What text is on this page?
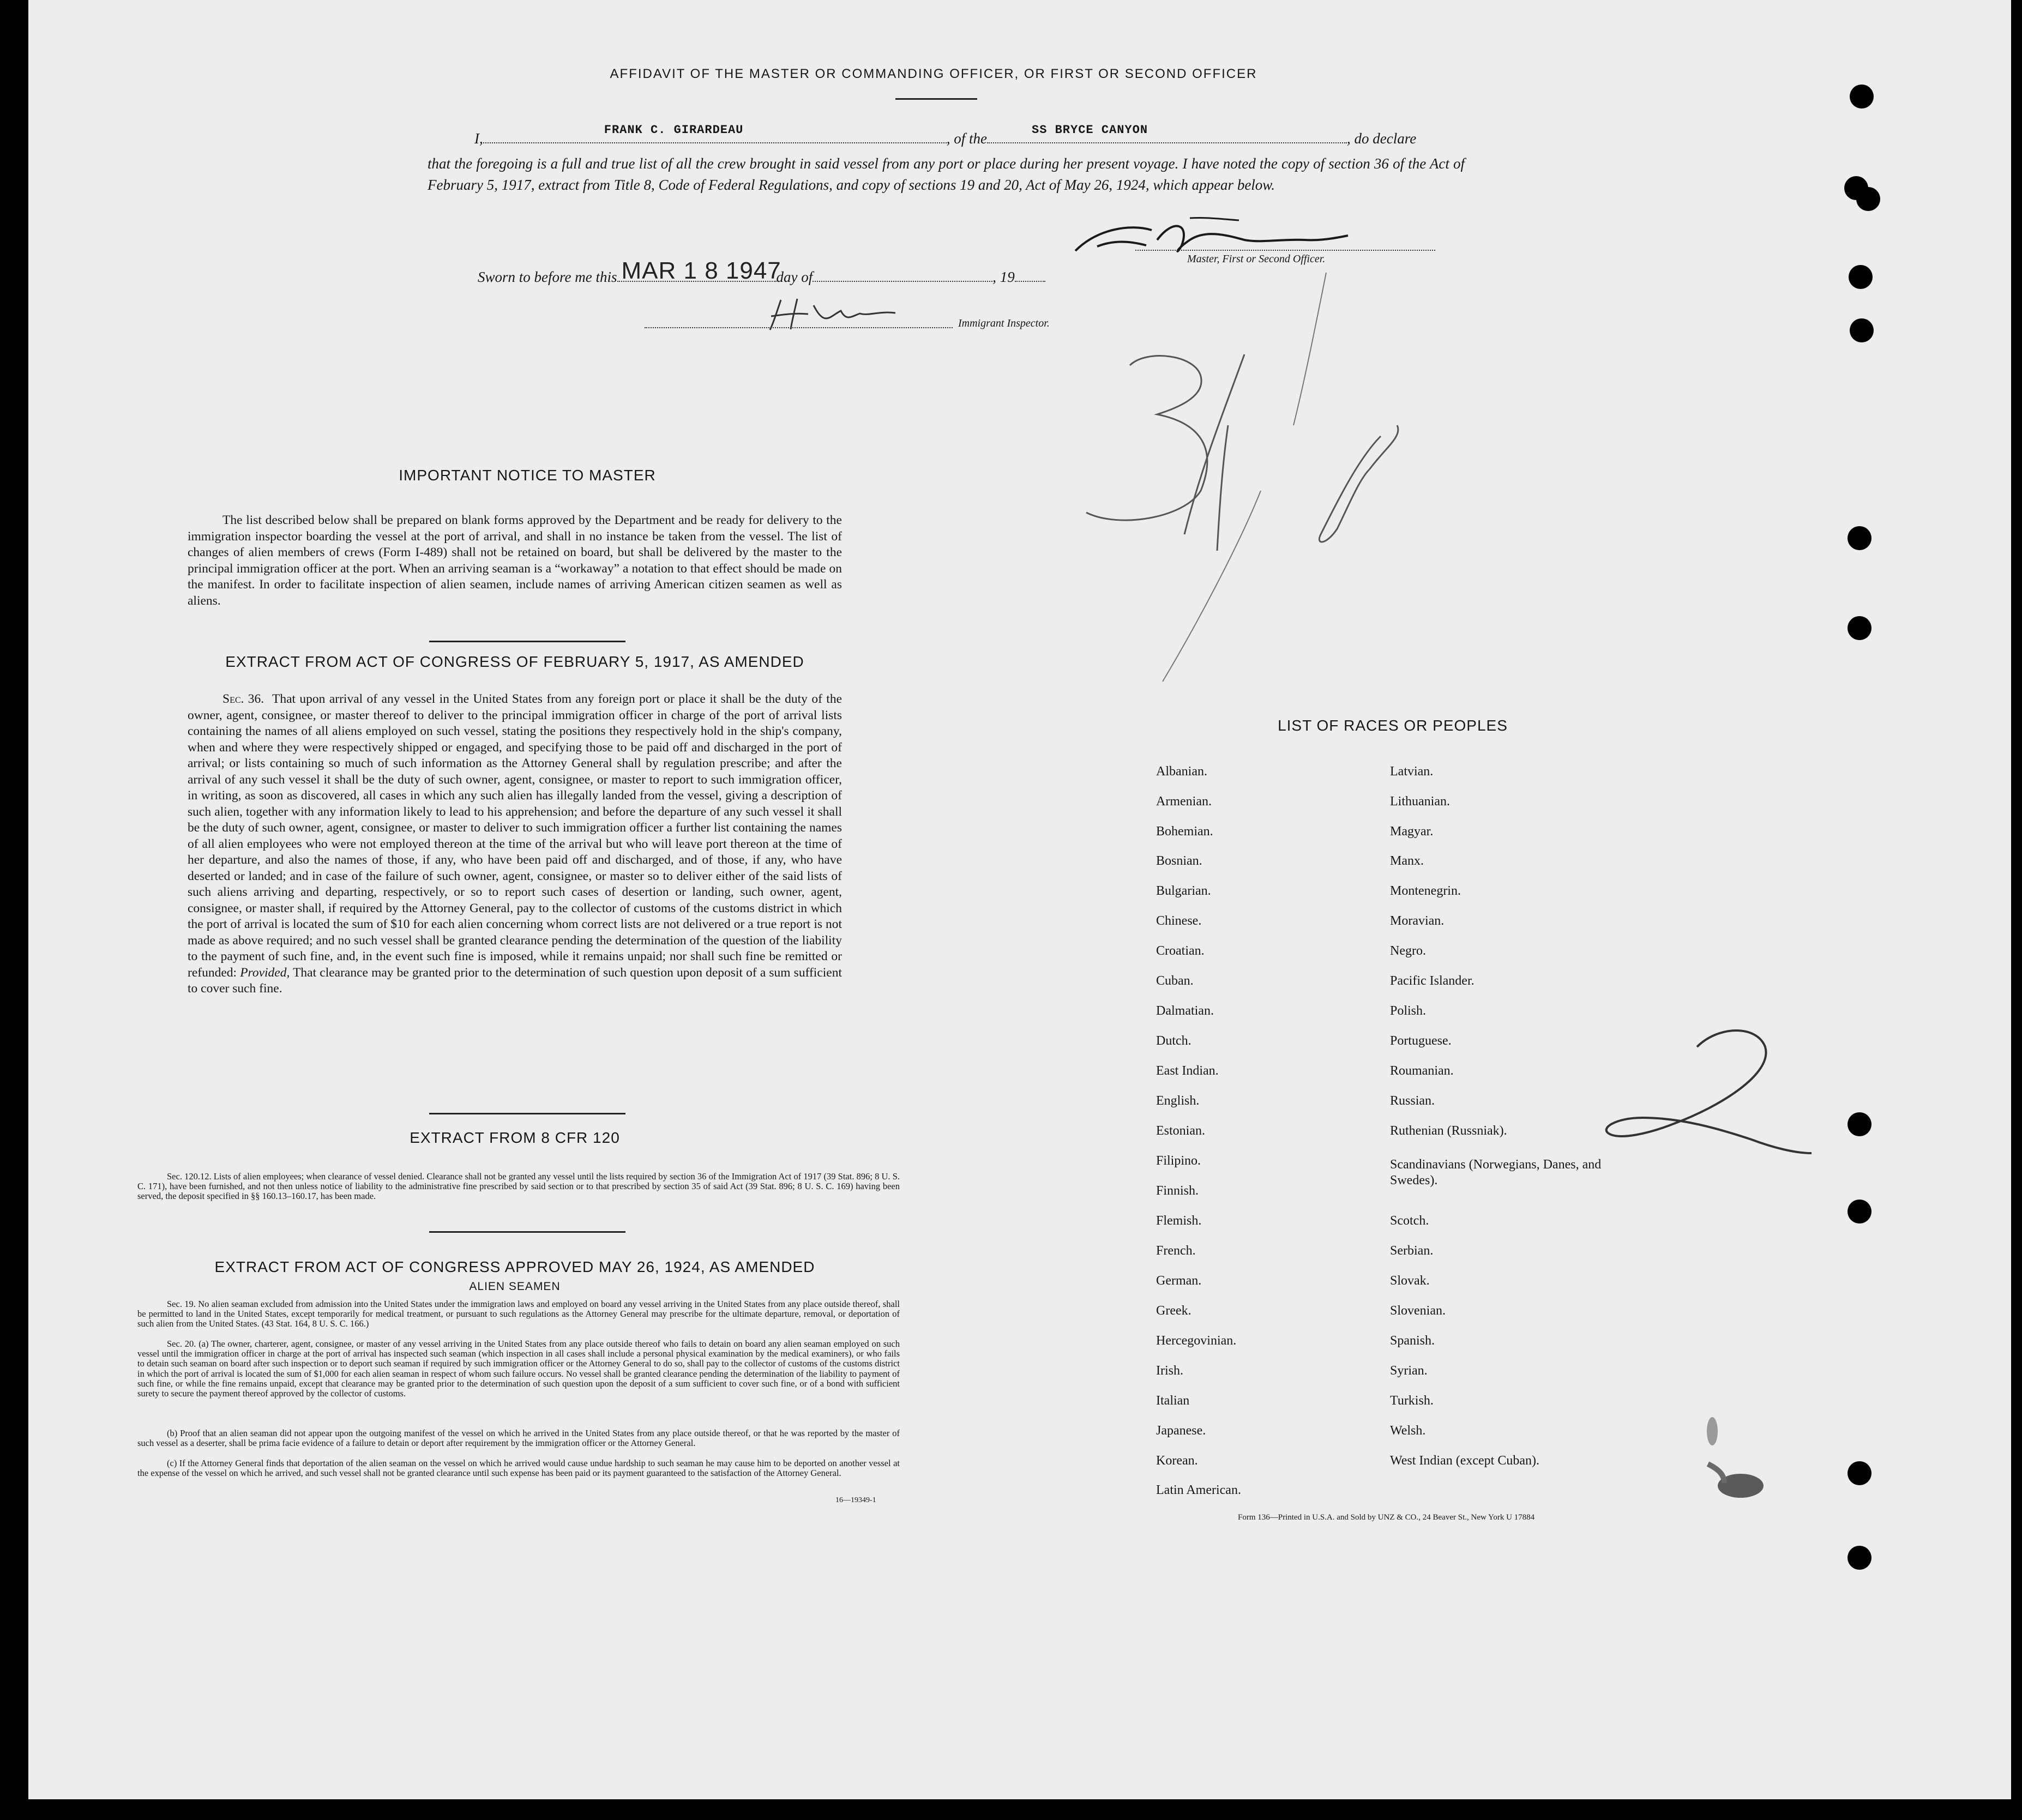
AFFIDAVIT OF THE MASTER OR COMMANDING OFFICER, OR FIRST OR SECOND OFFICER
I,
FRANK C. GIRARDEAU
, of the
SS BRYCE CANYON
, do declare
that the foregoing is a full and true list of all the crew brought in said vessel from any port or place during her present voyage. I have noted the copy of section 36 of the Act of February 5, 1917, extract from Title 8, Code of Federal Regulations, and copy of sections 19 and 20, Act of May 26, 1924, which appear below.
Master, First or Second Officer.
Sworn to before me this MAR 1 8 1947
day of	, 19
Immigrant Inspector.
IMPORTANT NOTICE TO MASTER
The list described below shall be prepared on blank forms approved by the Department and be ready for delivery to the immigration inspector boarding the vessel at the port of arrival, and shall in no instance be taken from the vessel. The list of changes of alien members of crews (Form I-489) shall not be retained on board, but shall be delivered by the master to the principal immigration officer at the port. When an arriving seaman is a “workaway” a notation to that effect should be made on the manifest. In order to facilitate inspection of alien seamen, include names of arriving American citizen seamen as well as aliens.
EXTRACT FROM ACT OF CONGRESS OF FEBRUARY 5, 1917, AS AMENDED
Sec. 36. That upon arrival of any vessel in the United States from any foreign port or place it shall be the duty of the owner, agent, consignee, or master thereof to deliver to the principal immigration officer in charge of the port of arrival lists containing the names of all aliens employed on such vessel, stating the positions they respectively hold in the ship's company, when and where they were respectively shipped or engaged, and specifying those to be paid off and discharged in the port of arrival; or lists containing so much of such information as the Attorney General shall by regulation prescribe; and after the arrival of any such vessel it shall be the duty of such owner, agent, consignee, or master to report to such immigration officer, in writing, as soon as discovered, all cases in which any such alien has illegally landed from the vessel, giving a description of such alien, together with any information likely to lead to his apprehension; and before the departure of any such vessel it shall be the duty of such owner, agent, consignee, or master to deliver to such immigration officer a further list containing the names of all alien employees who were not employed thereon at the time of the arrival but who will leave port thereon at the time of her departure, and also the names of those, if any, who have been paid off and discharged, and of those, if any, who have deserted or landed; and in case of the failure of such owner, agent, consignee, or master so to deliver either of the said lists of such aliens arriving and departing, respectively, or so to report such cases of desertion or landing, such owner, agent, consignee, or master shall, if required by the Attorney General, pay to the collector of customs of the customs district in which the port of arrival is located the sum of $10 for each alien concerning whom correct lists are not delivered or a true report is not made as above required; and no such vessel shall be granted clearance pending the determination of the question of the liability to the payment of such fine, and, in the event such fine is imposed, while it remains unpaid; nor shall such fine be remitted or refunded: Provided, That clearance may be granted prior to the determination of such question upon deposit of a sum sufficient to cover such fine.
EXTRACT FROM 8 CFR 120
Sec. 120.12. Lists of alien employees; when clearance of vessel denied. Clearance shall not be granted any vessel until the lists required by section 36 of the Immigration Act of 1917 (39 Stat. 896; 8 U. S. C. 171), have been furnished, and not then unless notice of liability to the administrative fine prescribed by said section or to that prescribed by section 35 of said Act (39 Stat. 896; 8 U. S. C. 169) having been served, the deposit specified in §§ 160.13–160.17, has been made.
EXTRACT FROM ACT OF CONGRESS APPROVED MAY 26, 1924, AS AMENDED
ALIEN SEAMEN
Sec. 19. No alien seaman excluded from admission into the United States under the immigration laws and employed on board any vessel arriving in the United States from any place outside thereof, shall be permitted to land in the United States, except temporarily for medical treatment, or pursuant to such regulations as the Attorney General may prescribe for the ultimate departure, removal, or deportation of such alien from the United States. (43 Stat. 164, 8 U. S. C. 166.)
Sec. 20. (a) The owner, charterer, agent, consignee, or master of any vessel arriving in the United States from any place outside thereof who fails to detain on board any alien seaman employed on such vessel until the immigration officer in charge at the port of arrival has inspected such seaman (which inspection in all cases shall include a personal physical examination by the medical examiners), or who fails to detain such seaman on board after such inspection or to deport such seaman if required by such immigration officer or the Attorney General to do so, shall pay to the collector of customs of the customs district in which the port of arrival is located the sum of $1,000 for each alien seaman in respect of whom such failure occurs. No vessel shall be granted clearance pending the determination of the liability to payment of such fine, or while the fine remains unpaid, except that clearance may be granted prior to the determination of such question upon the deposit of a sum sufficient to cover such fine, or of a bond with sufficient surety to secure the payment thereof approved by the collector of customs.
(b) Proof that an alien seaman did not appear upon the outgoing manifest of the vessel on which he arrived in the United States from any place outside thereof, or that he was reported by the master of such vessel as a deserter, shall be prima facie evidence of a failure to detain or deport after requirement by the immigration officer or the Attorney General.
(c) If the Attorney General finds that deportation of the alien seaman on the vessel on which he arrived would cause undue hardship to such seaman he may cause him to be deported on another vessel at the expense of the vessel on which he arrived, and such vessel shall not be granted clearance until such expense has been paid or its payment guaranteed to the satisfaction of the Attorney General.
16—19349-1
LIST OF RACES OR PEOPLES
Albanian.
Armenian.
Bohemian.
Bosnian.
Bulgarian.
Chinese.
Croatian.
Cuban.
Dalmatian.
Dutch.
East Indian.
English.
Estonian.
Filipino.
Finnish.
Flemish.
French.
German.
Greek.
Hercegovinian.
Irish.
Italian
Japanese.
Korean.
Latin American.
Latvian.
Lithuanian.
Magyar.
Manx.
Montenegrin.
Moravian.
Negro.
Pacific Islander.
Polish.
Portuguese.
Roumanian.
Russian.
Ruthenian (Russniak).
Scandinavians (Norwegians, Danes, and Swedes).
Scotch.
Serbian.
Slovak.
Slovenian.
Spanish.
Syrian.
Turkish.
Welsh.
West Indian (except Cuban).
Form 136—Printed in U.S.A. and Sold by UNZ & CO., 24 Beaver St., New York U 17884
